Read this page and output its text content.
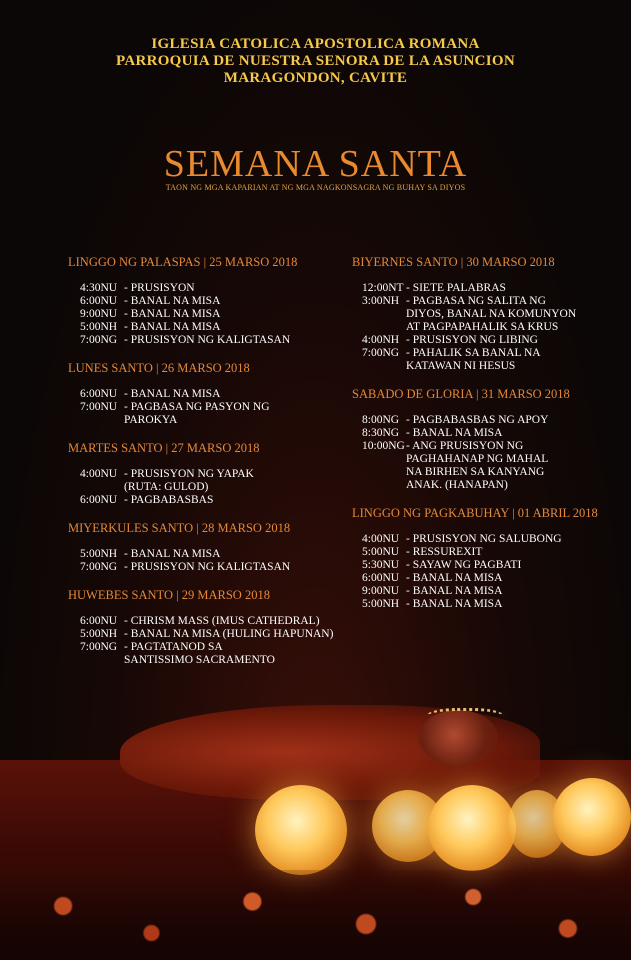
IGLESIA CATOLICA APOSTOLICA ROMANA
PARROQUIA DE NUESTRA SENORA DE LA ASUNCION
MARAGONDON, CAVITE
SEMANA SANTA
TAON NG MGA KAPARIAN AT NG MGA NAGKONSAGRA NG BUHAY SA DIYOS
LINGGO NG PALASPAS | 25 MARSO 2018
4:30NU - PRUSISYON
6:00NU - BANAL NA MISA
9:00NU - BANAL NA MISA
5:00NH - BANAL NA MISA
7:00NG - PRUSISYON NG KALIGTASAN
LUNES SANTO | 26 MARSO 2018
6:00NU - BANAL NA MISA
7:00NU - PAGBASA NG PASYON NG
PAROKYA
MARTES SANTO | 27 MARSO 2018
4:00NU - PRUSISYON NG YAPAK
(RUTA: GULOD)
6:00NU - PAGBABASBAS
MIYERKULES SANTO | 28 MARSO 2018
5:00NH - BANAL NA MISA
7:00NG - PRUSISYON NG KALIGTASAN
HUWEBES SANTO | 29 MARSO 2018
6:00NU - CHRISM MASS (IMUS CATHEDRAL)
5:00NH - BANAL NA MISA (HULING HAPUNAN)
7:00NG - PAGTATANOD SA
SANTISSIMO SACRAMENTO
BIYERNES SANTO | 30 MARSO 2018
12:00NT - SIETE PALABRAS
3:00NH - PAGBASA NG SALITA NG
DIYOS, BANAL NA KOMUNYON
AT PAGPAPAHALIK SA KRUS
4:00NH - PRUSISYON NG LIBING
7:00NG - PAHALIK SA BANAL NA
KATAWAN NI HESUS
SABADO DE GLORIA | 31 MARSO 2018
8:00NG - PAGBABASBAS NG APOY
8:30NG - BANAL NA MISA
10:00NG - ANG PRUSISYON NG
PAGHAHANAP NG MAHAL
NA BIRHEN SA KANYANG
ANAK. (HANAPAN)
LINGGO NG PAGKABUHAY | 01 ABRIL 2018
4:00NU - PRUSISYON NG SALUBONG
5:00NU - RESSUREXIT
5:30NU - SAYAW NG PAGBATI
6:00NU - BANAL NA MISA
9:00NU - BANAL NA MISA
5:00NH - BANAL NA MISA
